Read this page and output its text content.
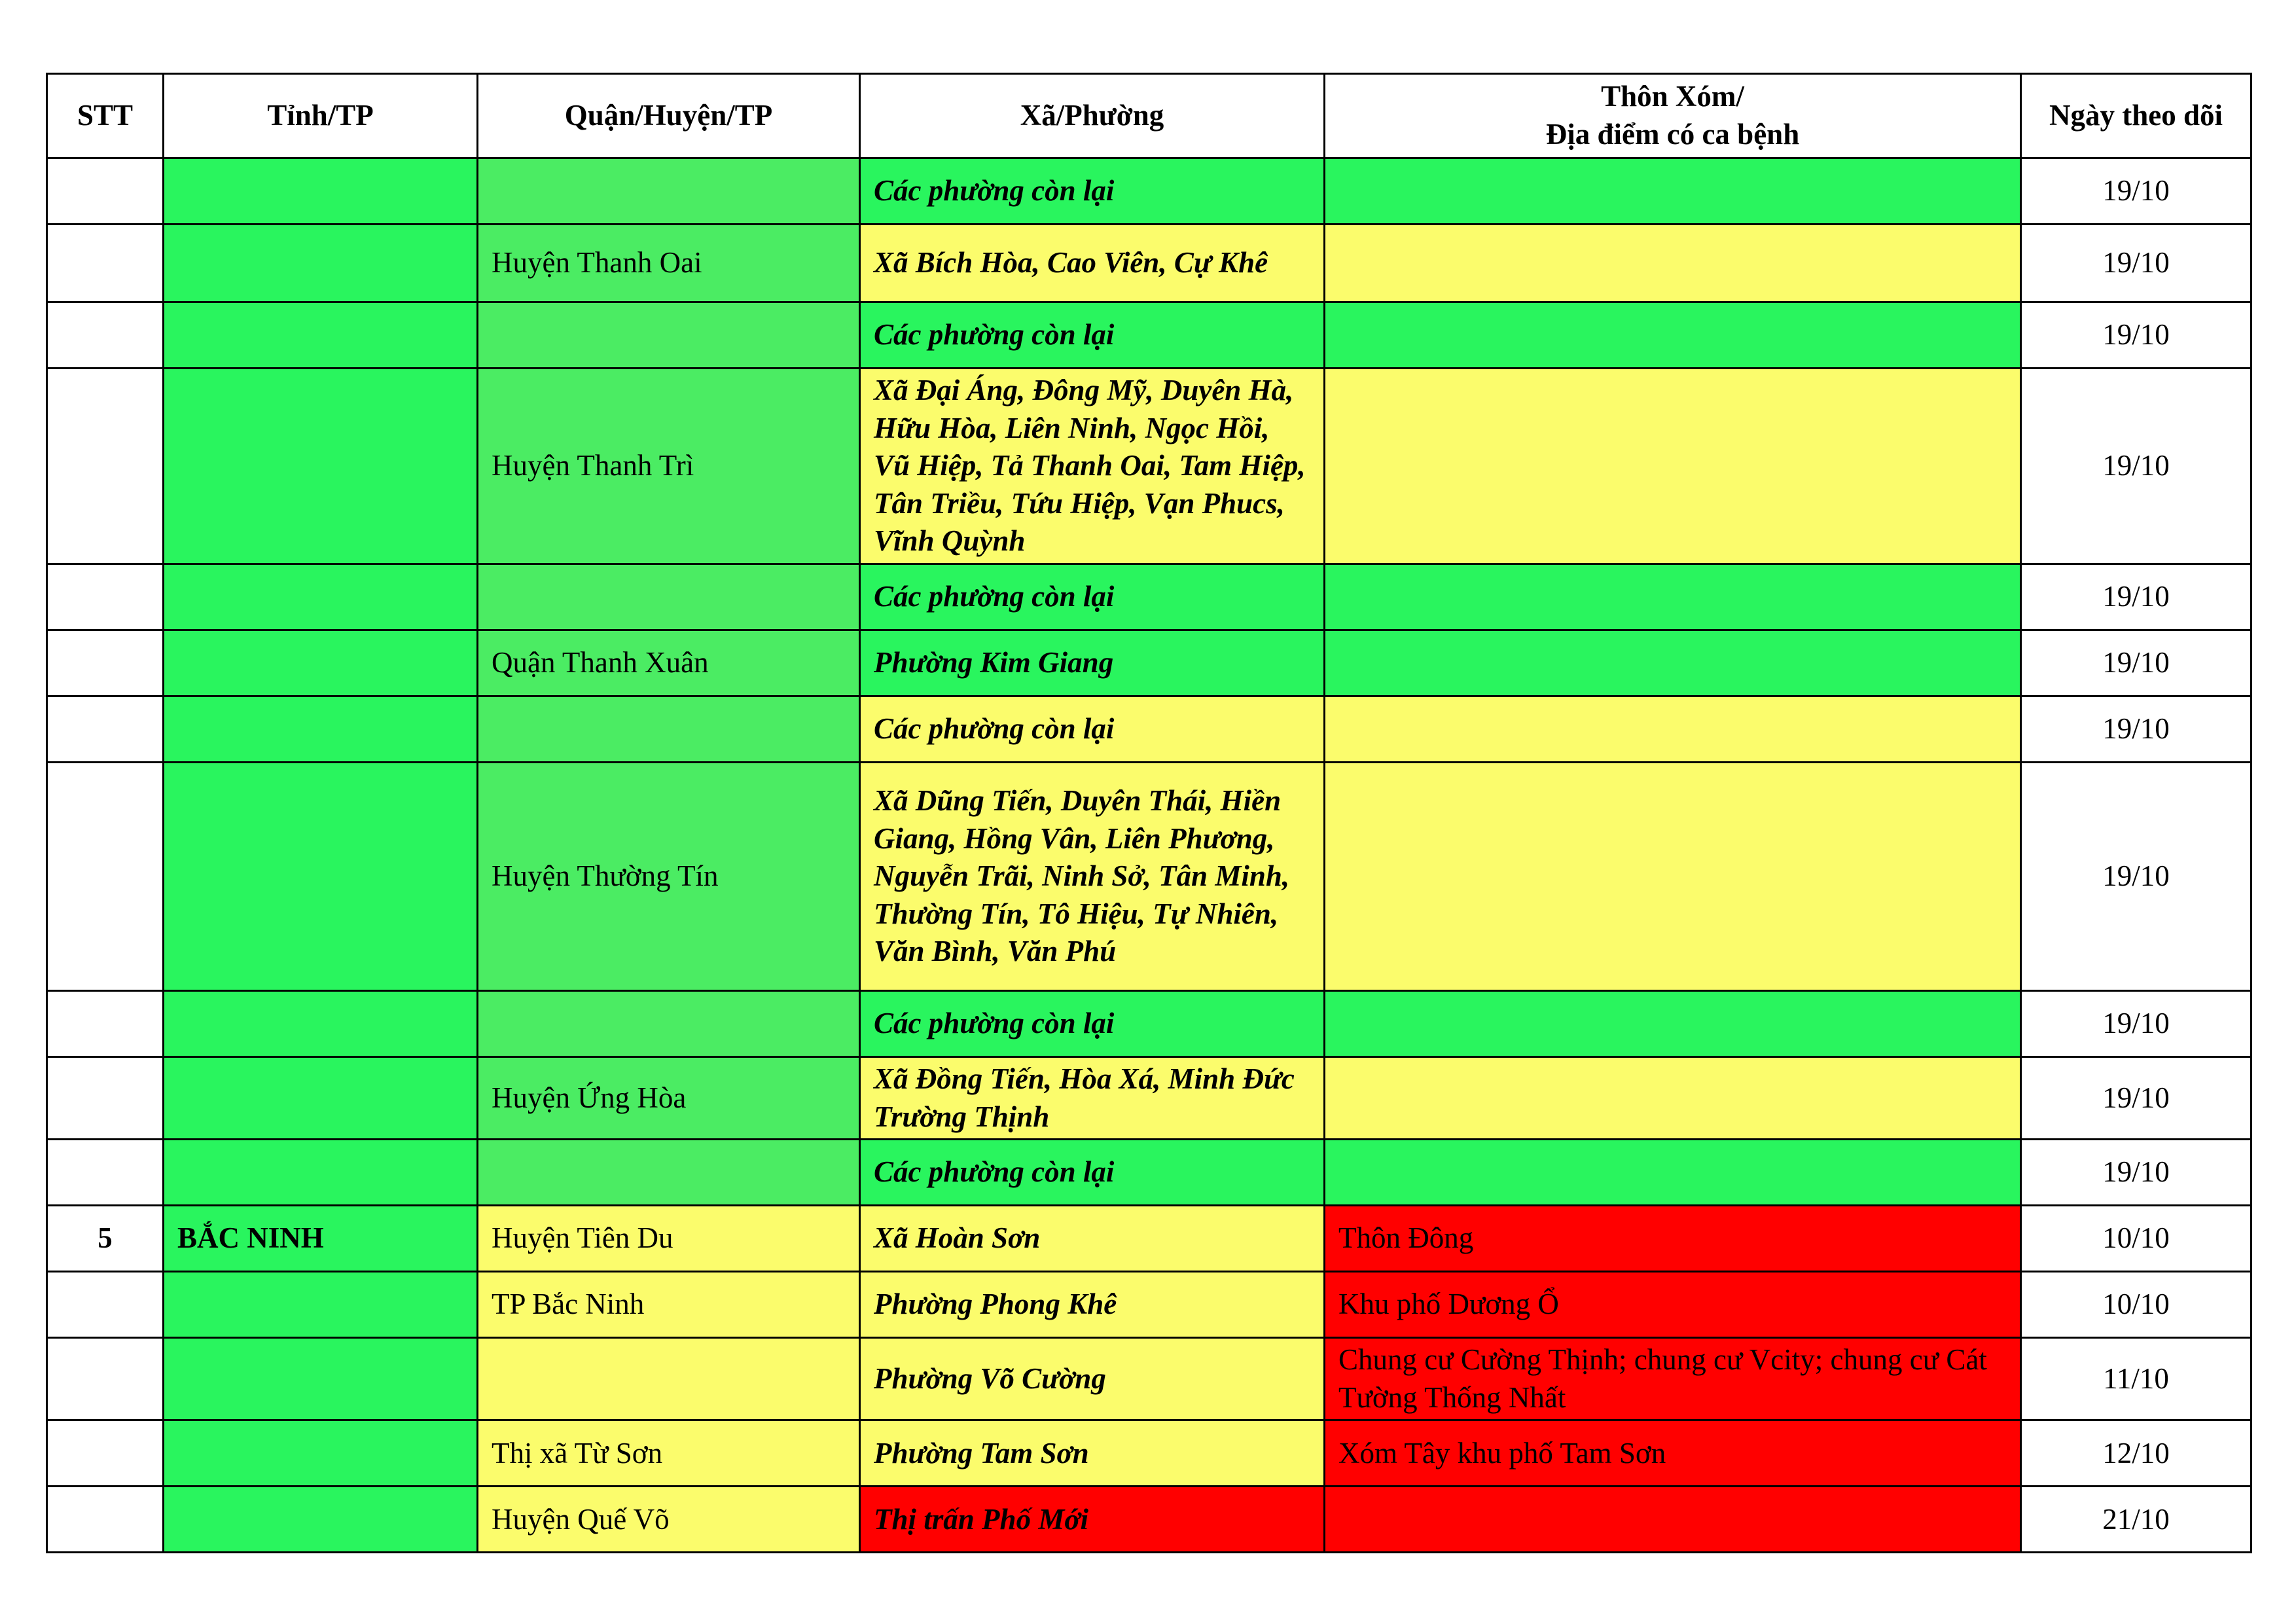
STT	Tỉnh/TP	Quận/Huyện/TP	Xã/Phường	Thôn Xóm/
Địa điểm có ca bệnh	Ngày theo dõi
			Các phường còn lại		19/10
		Huyện Thanh Oai	Xã Bích Hòa, Cao Viên, Cự Khê		19/10
			Các phường còn lại		19/10
		Huyện Thanh Trì	Xã Đại Áng, Đông Mỹ, Duyên Hà, Hữu Hòa, Liên Ninh, Ngọc Hồi, Vũ Hiệp, Tả Thanh Oai, Tam Hiệp, Tân Triều, Tứu Hiệp, Vạn Phucs, Vĩnh Quỳnh		19/10
			Các phường còn lại		19/10
		Quận Thanh Xuân	Phường Kim Giang		19/10
			Các phường còn lại		19/10
		Huyện Thường Tín	Xã Dũng Tiến, Duyên Thái, Hiền Giang, Hồng Vân, Liên Phương, Nguyễn Trãi, Ninh Sở, Tân Minh, Thường Tín, Tô Hiệu, Tự Nhiên, Văn Bình, Văn Phú		19/10
			Các phường còn lại		19/10
		Huyện Ứng Hòa	Xã Đồng Tiến, Hòa Xá, Minh Đức Trường Thịnh		19/10
			Các phường còn lại		19/10
5	BẮC NINH	Huyện Tiên Du	Xã Hoàn Sơn	Thôn Đông	10/10
		TP Bắc Ninh	Phường Phong Khê	Khu phố Dương Ổ	10/10
			Phường Võ Cường	Chung cư Cường Thịnh; chung cư Vcity; chung cư Cát Tường Thống Nhất	11/10
		Thị xã Từ Sơn	Phường Tam Sơn	Xóm Tây khu phố Tam Sơn	12/10
		Huyện Quế Võ	Thị trấn Phố Mới		21/10
